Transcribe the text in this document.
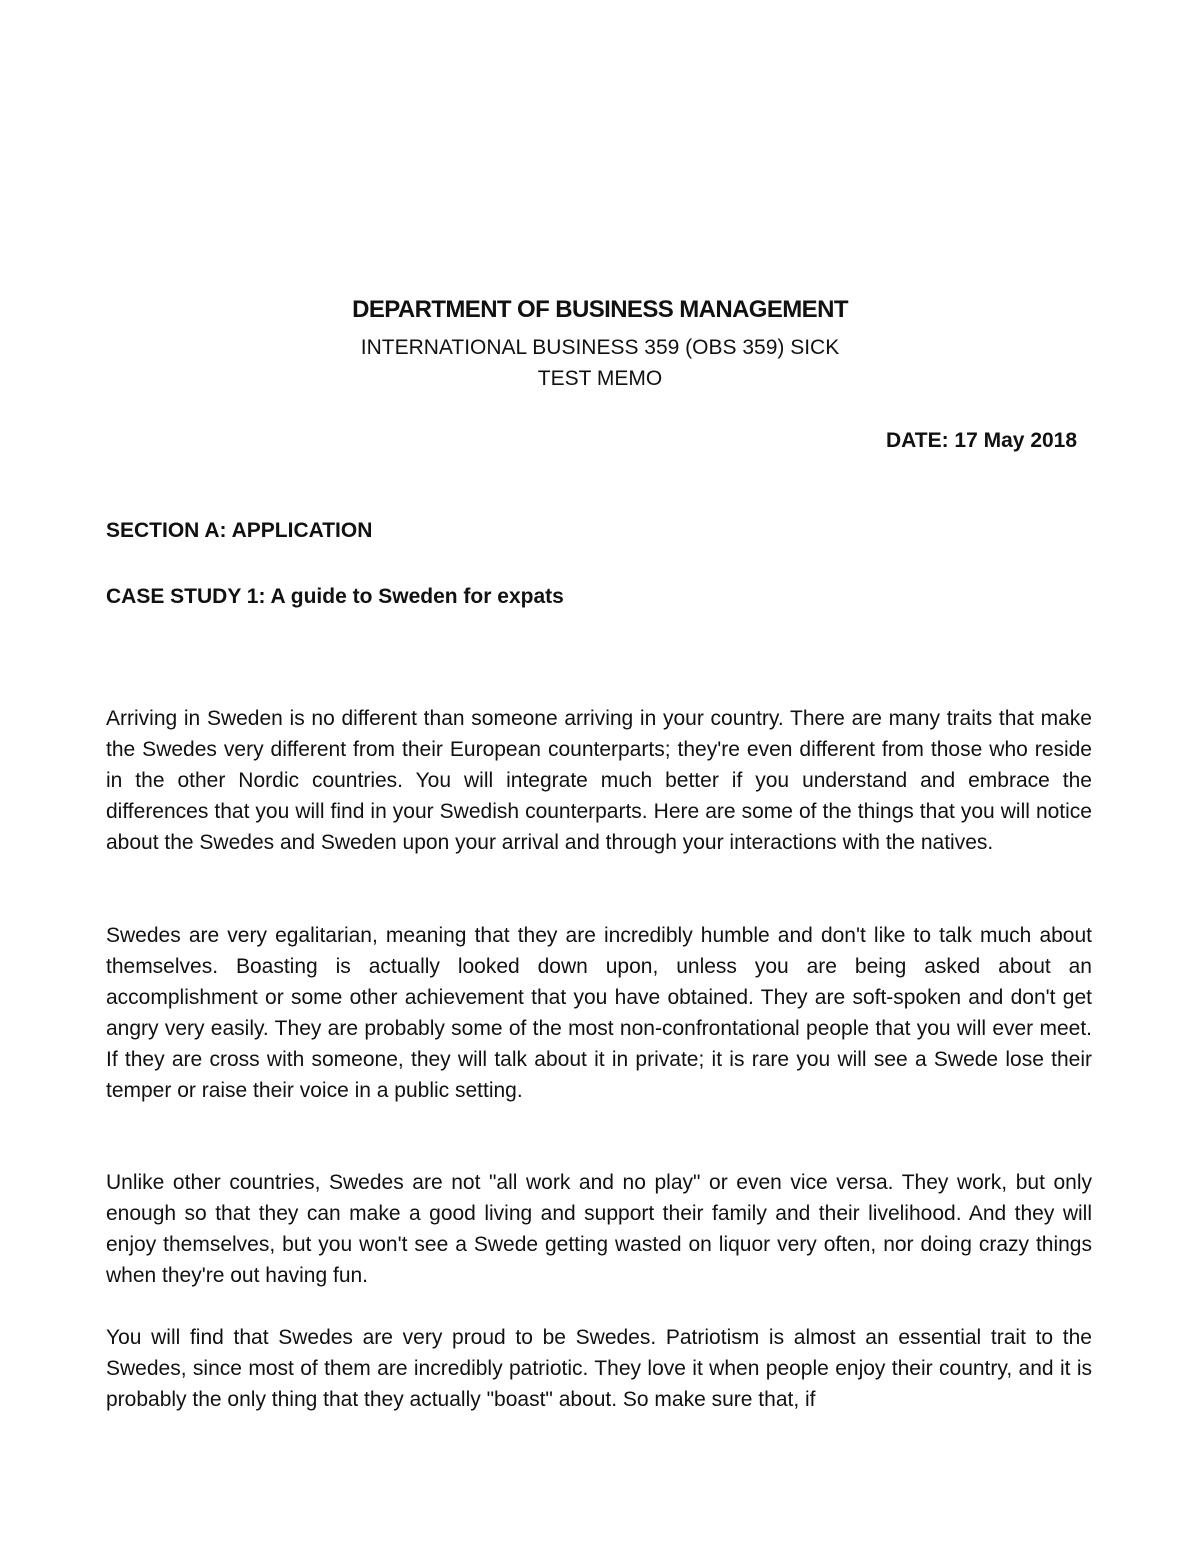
DEPARTMENT OF BUSINESS MANAGEMENT
INTERNATIONAL BUSINESS 359 (OBS 359) SICK
TEST MEMO
DATE: 17 May 2018
SECTION A: APPLICATION
CASE STUDY 1: A guide to Sweden for expats

Arriving in Sweden is no different than someone arriving in your country. There are many traits that make the Swedes very different from their European counterparts; they're even different from those who reside in the other Nordic countries. You will integrate much better if you understand and embrace the differences that you will find in your Swedish counterparts. Here are some of the things that you will notice about the Swedes and Sweden upon your arrival and through your interactions with the natives.

Swedes are very egalitarian, meaning that they are incredibly humble and don't like to talk much about themselves. Boasting is actually looked down upon, unless you are being asked about an accomplishment or some other achievement that you have obtained. They are soft-spoken and don't get angry very easily. They are probably some of the most non-confrontational people that you will ever meet. If they are cross with someone, they will talk about it in private; it is rare you will see a Swede lose their temper or raise their voice in a public setting.

Unlike other countries, Swedes are not "all work and no play" or even vice versa. They work, but only enough so that they can make a good living and support their family and their livelihood. And they will enjoy themselves, but you won't see a Swede getting wasted on liquor very often, nor doing crazy things when they're out having fun.

You will find that Swedes are very proud to be Swedes. Patriotism is almost an essential trait to the Swedes, since most of them are incredibly patriotic. They love it when people enjoy their country, and it is probably the only thing that they actually "boast" about. So make sure that, if
